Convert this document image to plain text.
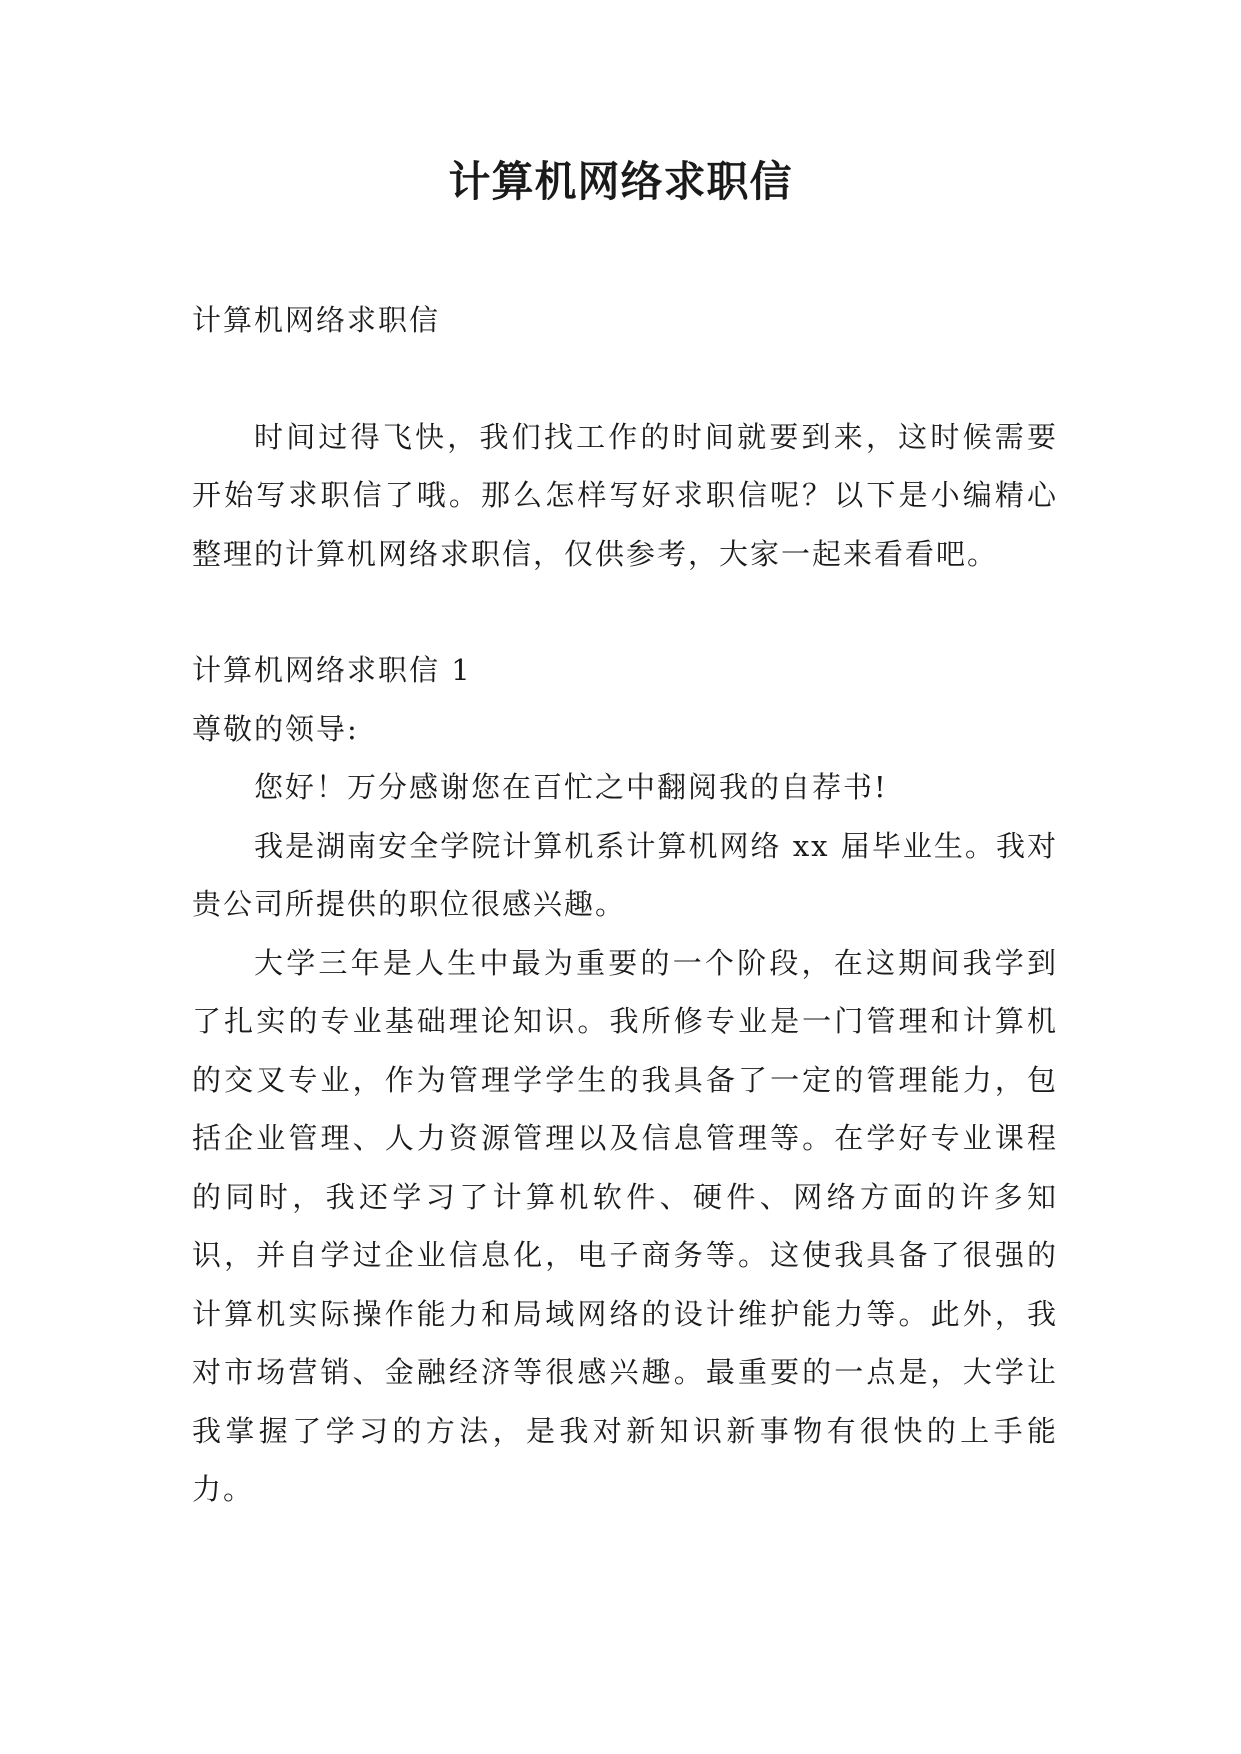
计算机网络求职信

计算机网络求职信

时间过得飞快，我们找工作的时间就要到来，这时候需要开始写求职信了哦。那么怎样写好求职信呢？以下是小编精心整理的计算机网络求职信，仅供参考，大家一起来看看吧。

计算机网络求职信 1

尊敬的领导:

您好！万分感谢您在百忙之中翻阅我的自荐书!

我是湖南安全学院计算机系计算机网络 xx 届毕业生。我对贵公司所提供的职位很感兴趣。

大学三年是人生中最为重要的一个阶段，在这期间我学到了扎实的专业基础理论知识。我所修专业是一门管理和计算机的交叉专业，作为管理学学生的我具备了一定的管理能力，包括企业管理、人力资源管理以及信息管理等。在学好专业课程的同时，我还学习了计算机软件、硬件、网络方面的许多知识，并自学过企业信息化，电子商务等。这使我具备了很强的计算机实际操作能力和局域网络的设计维护能力等。此外，我对市场营销、金融经济等很感兴趣。最重要的一点是，大学让我掌握了学习的方法，是我对新知识新事物有很快的上手能力。
